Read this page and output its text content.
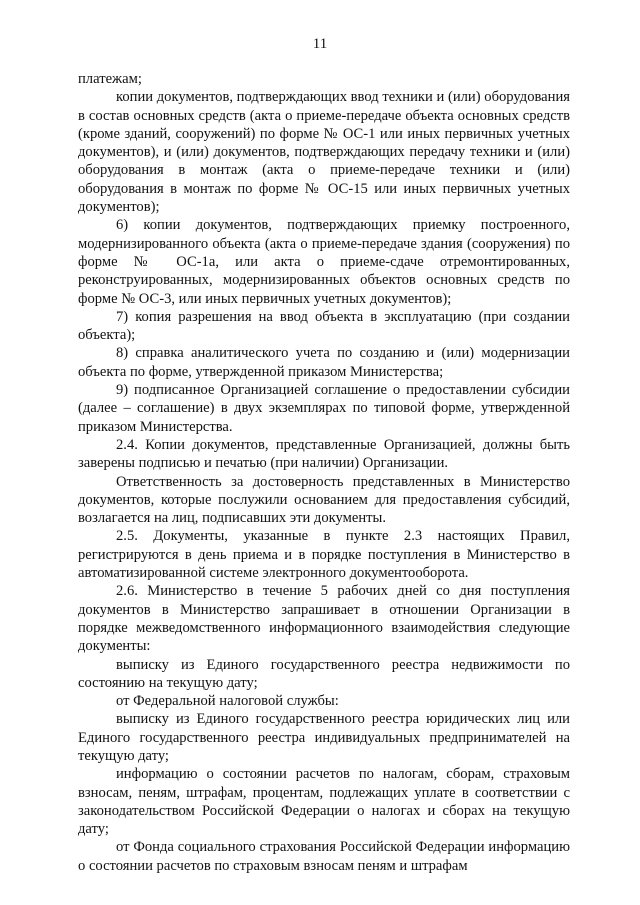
11

платежам;

копии документов, подтверждающих ввод техники и (или) оборудования в состав основных средств (акта о приеме-передаче объекта основных средств (кроме зданий, сооружений) по форме № ОС-1 или иных первичных учетных документов), и (или) документов, подтверждающих передачу техники и (или) оборудования в монтаж (акта о приеме-передаче техники и (или) оборудования в монтаж по форме № ОС-15 или иных первичных учетных документов);

6) копии документов, подтверждающих приемку построенного, модернизированного объекта (акта о приеме-передаче здания (сооружения) по форме № ОС-1а, или акта о приеме-сдаче отремонтированных, реконструированных, модернизированных объектов основных средств по форме № ОС-3, или иных первичных учетных документов);

7) копия разрешения на ввод объекта в эксплуатацию (при создании объекта);

8) справка аналитического учета по созданию и (или) модернизации объекта по форме, утвержденной приказом Министерства;

9) подписанное Организацией соглашение о предоставлении субсидии (далее – соглашение) в двух экземплярах по типовой форме, утвержденной приказом Министерства.

2.4. Копии документов, представленные Организацией, должны быть заверены подписью и печатью (при наличии) Организации.

Ответственность за достоверность представленных в Министерство документов, которые послужили основанием для предоставления субсидий, возлагается на лиц, подписавших эти документы.

2.5. Документы, указанные в пункте 2.3 настоящих Правил, регистрируются в день приема и в порядке поступления в Министерство в автоматизированной системе электронного документооборота.

2.6. Министерство в течение 5 рабочих дней со дня поступления документов в Министерство запрашивает в отношении Организации в порядке межведомственного информационного взаимодействия следующие документы:

выписку из Единого государственного реестра недвижимости по состоянию на текущую дату;

от Федеральной налоговой службы:

выписку из Единого государственного реестра юридических лиц или Единого государственного реестра индивидуальных предпринимателей на текущую дату;

информацию о состоянии расчетов по налогам, сборам, страховым взносам, пеням, штрафам, процентам, подлежащих уплате в соответствии с законодательством Российской Федерации о налогах и сборах на текущую дату;

от Фонда социального страхования Российской Федерации информацию о состоянии расчетов по страховым взносам пеням и штрафам
